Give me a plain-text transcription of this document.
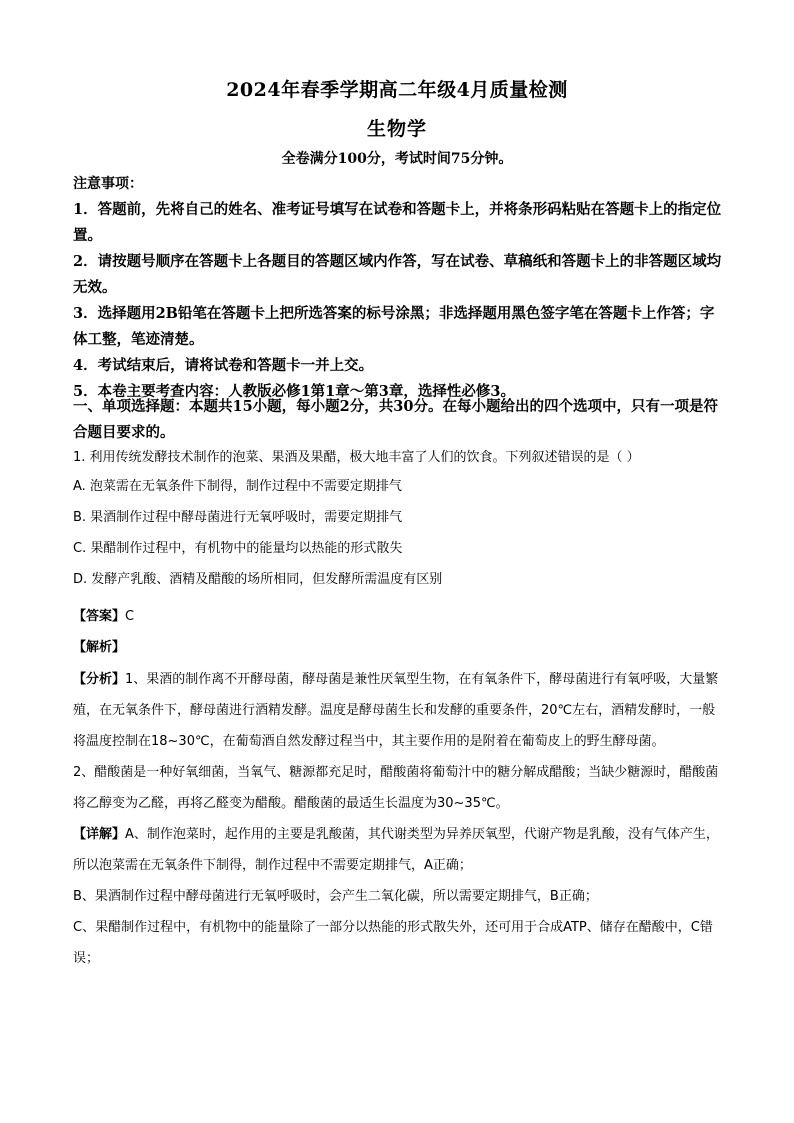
2024年春季学期高二年级4月质量检测
生物学
全卷满分100分，考试时间75分钟。
注意事项：

1．答题前，先将自己的姓名、准考证号填写在试卷和答题卡上，并将条形码粘贴在答题卡上的指定位置。

2．请按题号顺序在答题卡上各题目的答题区域内作答，写在试卷、草稿纸和答题卡上的非答题区域均无效。

3．选择题用2B铅笔在答题卡上把所选答案的标号涂黑；非选择题用黑色签字笔在答题卡上作答；字体工整，笔迹清楚。

4．考试结束后，请将试卷和答题卡一并上交。

5．本卷主要考查内容：人教版必修1第1章～第3章，选择性必修3。

一、单项选择题：本题共15小题，每小题2分，共30分。在每小题给出的四个选项中，只有一项是符合题目要求的。
1. 利用传统发酵技术制作的泡菜、果酒及果醋，极大地丰富了人们的饮食。下列叙述错误的是（ ）
A. 泡菜需在无氧条件下制得，制作过程中不需要定期排气
B. 果酒制作过程中酵母菌进行无氧呼吸时，需要定期排气
C. 果醋制作过程中，有机物中的能量均以热能的形式散失
D. 发酵产乳酸、酒精及醋酸的场所相同，但发酵所需温度有区别
【答案】C
【解析】

【分析】1、果酒的制作离不开酵母菌，酵母菌是兼性厌氧型生物，在有氧条件下，酵母菌进行有氧呼吸，大量繁殖，在无氧条件下，酵母菌进行酒精发酵。温度是酵母菌生长和发酵的重要条件，20℃左右，酒精发酵时，一般将温度控制在18~30℃，在葡萄酒自然发酵过程当中，其主要作用的是附着在葡萄皮上的野生酵母菌。

2、醋酸菌是一种好氧细菌，当氧气、糖源都充足时，醋酸菌将葡萄汁中的糖分解成醋酸；当缺少糖源时，醋酸菌将乙醇变为乙醛，再将乙醛变为醋酸。醋酸菌的最适生长温度为30~35℃。

【详解】A、制作泡菜时，起作用的主要是乳酸菌，其代谢类型为异养厌氧型，代谢产物是乳酸，没有气体产生，所以泡菜需在无氧条件下制得，制作过程中不需要定期排气，A正确；

B、果酒制作过程中酵母菌进行无氧呼吸时，会产生二氧化碳，所以需要定期排气，B正确；

C、果醋制作过程中，有机物中的能量除了一部分以热能的形式散失外，还可用于合成ATP、储存在醋酸中，C错误；
